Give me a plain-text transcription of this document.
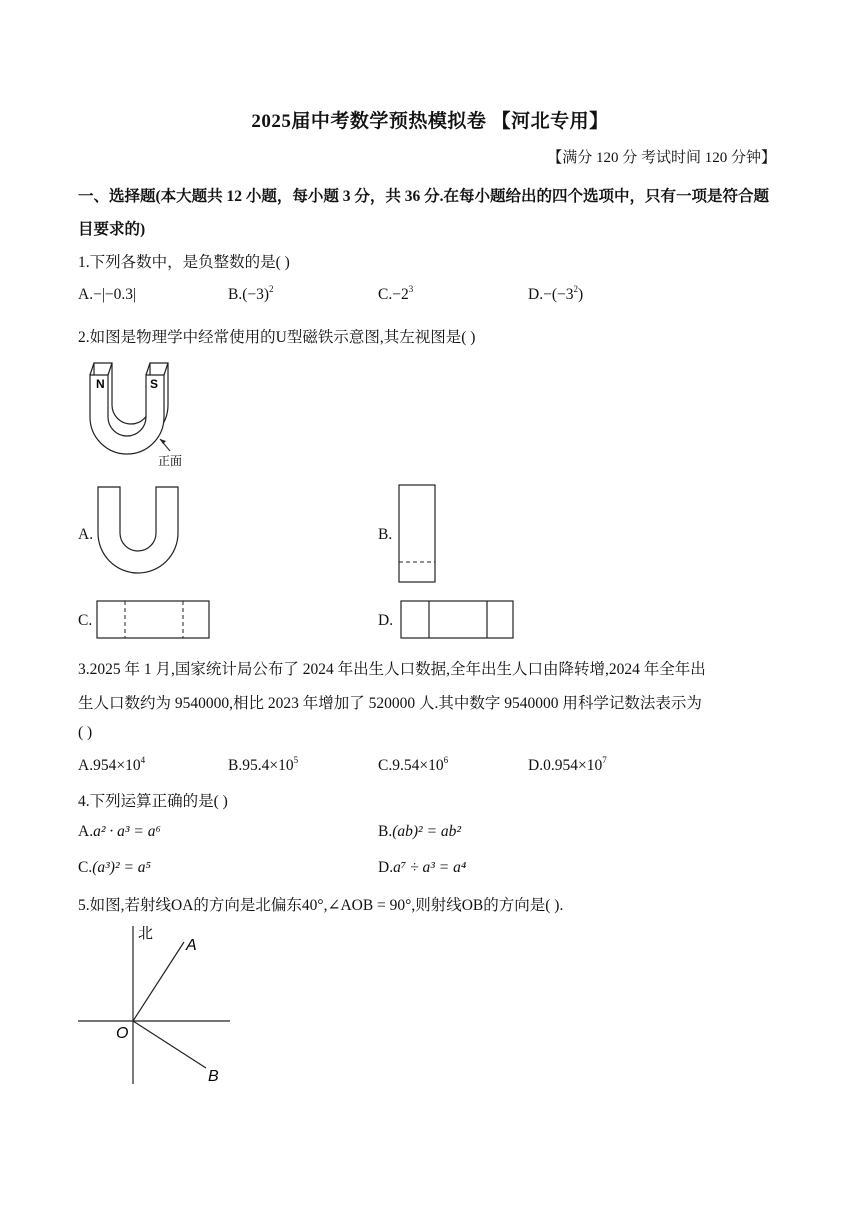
2025届中考数学预热模拟卷 【河北专用】
【满分 120 分 考试时间 120 分钟】
一、选择题(本大题共 12 小题，每小题 3 分，共 36 分.在每小题给出的四个选项中，只有一项是符合题目要求的)
1.下列各数中，是负整数的是( )
A.−|−0.3|	$B.(-3)^2$	$C.-2^3$	$D.-(-3^2)$
2.如图是物理学中经常使用的U型磁铁示意图,其左视图是( )
N	S
正面
A.	B.
C.	D.
3.2025 年 1 月,国家统计局公布了 2024 年出生人口数据,全年出生人口由降转增,2024 年全年出
生人口数约为 9540000,相比 2023 年增加了 520000 人.其中数字 9540000 用科学记数法表示为
( )
$A.954\times 10^4$	$B.95.4\times 10^5$	$C.9.54\times 10^6$	$D.0.954\times 10^7$
4.下列运算正确的是( )
A.a² · a³ = a⁶	B.(ab)² = ab²
C.(a³)² = a⁵	D.a⁷ ÷ a³ = a⁴
5.如图,若射线OA的方向是北偏东40°,∠AOB = 90°,则射线OB的方向是( ).
北
A
B
O
